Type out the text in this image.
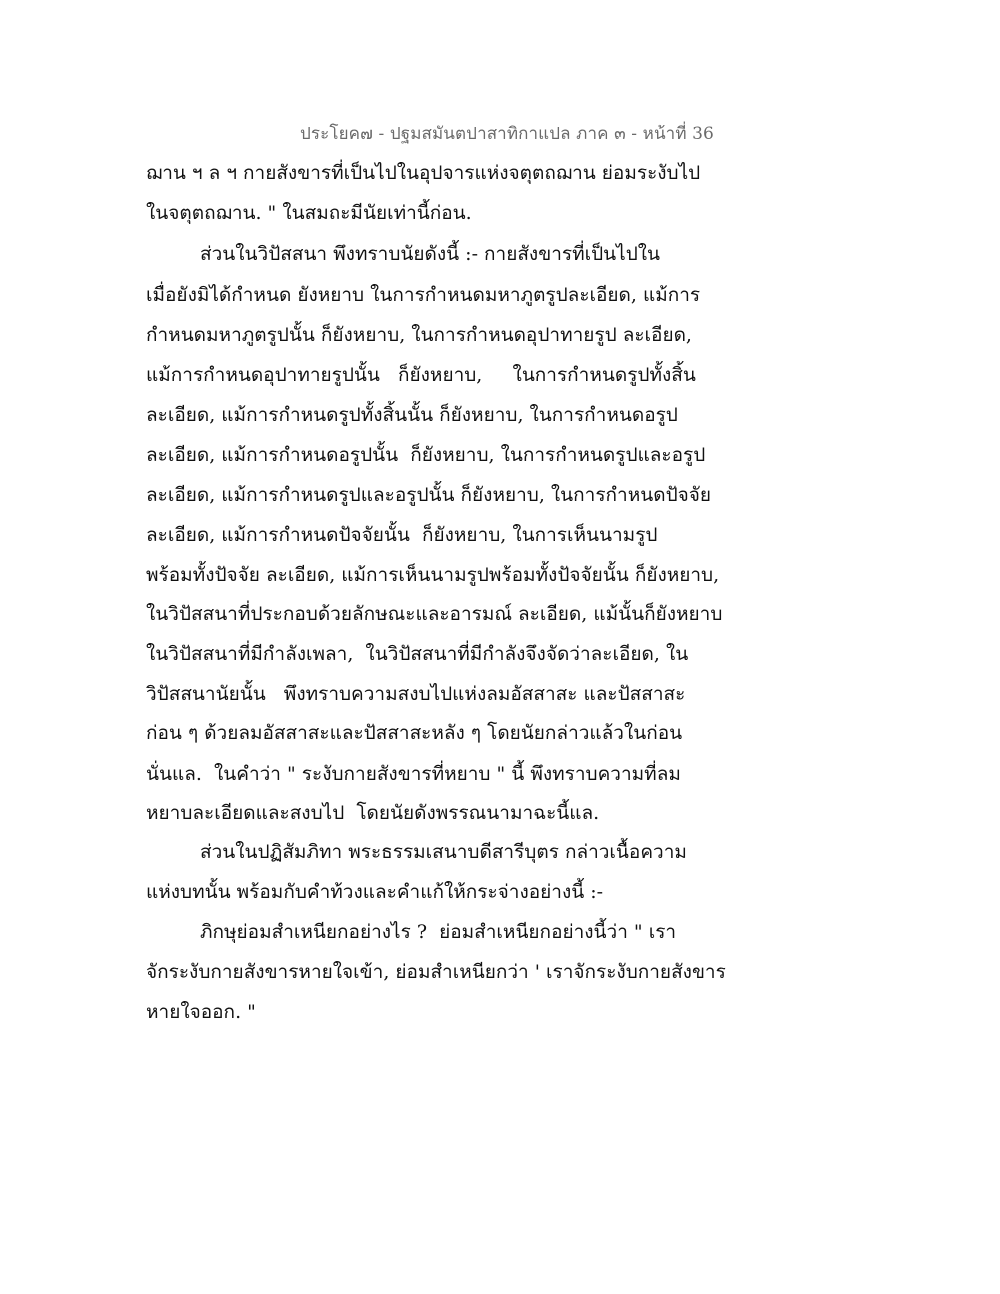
ประโยค๗ - ปฐมสมันตปาสาทิกาแปล ภาค ๓ - หน้าที่ 36
ฌาน ฯ ล ฯ กายสังขารที่เป็นไปในอุปจารแห่งจตุตถฌาน ย่อมระงับไป
ในจตุตถฌาน. " ในสมถะมีนัยเท่านี้ก่อน.
ส่วนในวิปัสสนา พึงทราบนัยดังนี้ :- กายสังขารที่เป็นไปใน
เมื่อยังมิได้กำหนด ยังหยาบ ในการกำหนดมหาภูตรูปละเอียด, แม้การ
กำหนดมหาภูตรูปนั้น ก็ยังหยาบ, ในการกำหนดอุปาทายรูป ละเอียด,
แม้การกำหนดอุปาทายรูปนั้น   ก็ยังหยาบ,     ในการกำหนดรูปทั้งสิ้น
ละเอียด, แม้การกำหนดรูปทั้งสิ้นนั้น ก็ยังหยาบ, ในการกำหนดอรูป
ละเอียด, แม้การกำหนดอรูปนั้น  ก็ยังหยาบ, ในการกำหนดรูปและอรูป
ละเอียด, แม้การกำหนดรูปและอรูปนั้น ก็ยังหยาบ, ในการกำหนดปัจจัย
ละเอียด, แม้การกำหนดปัจจัยนั้น  ก็ยังหยาบ, ในการเห็นนามรูป
พร้อมทั้งปัจจัย ละเอียด, แม้การเห็นนามรูปพร้อมทั้งปัจจัยนั้น ก็ยังหยาบ,
ในวิปัสสนาที่ประกอบด้วยลักษณะและอารมณ์ ละเอียด, แม้นั้นก็ยังหยาบ
ในวิปัสสนาที่มีกำลังเพลา,  ในวิปัสสนาที่มีกำลังจึงจัดว่าละเอียด, ใน
วิปัสสนานัยนั้น   พึงทราบความสงบไปแห่งลมอัสสาสะ และปัสสาสะ
ก่อน ๆ ด้วยลมอัสสาสะและปัสสาสะหลัง ๆ โดยนัยกล่าวแล้วในก่อน
นั่นแล.  ในคำว่า " ระงับกายสังขารที่หยาบ " นี้ พึงทราบความที่ลม
หยาบละเอียดและสงบไป  โดยนัยดังพรรณนามาฉะนี้แล.
ส่วนในปฏิสัมภิทา พระธรรมเสนาบดีสารีบุตร กล่าวเนื้อความ
แห่งบทนั้น พร้อมกับคำท้วงและคำแก้ให้กระจ่างอย่างนี้ :-
ภิกษุย่อมสำเหนียกอย่างไร ?  ย่อมสำเหนียกอย่างนี้ว่า " เรา
จักระงับกายสังขารหายใจเข้า, ย่อมสำเหนียกว่า ' เราจักระงับกายสังขาร
หายใจออก. "
